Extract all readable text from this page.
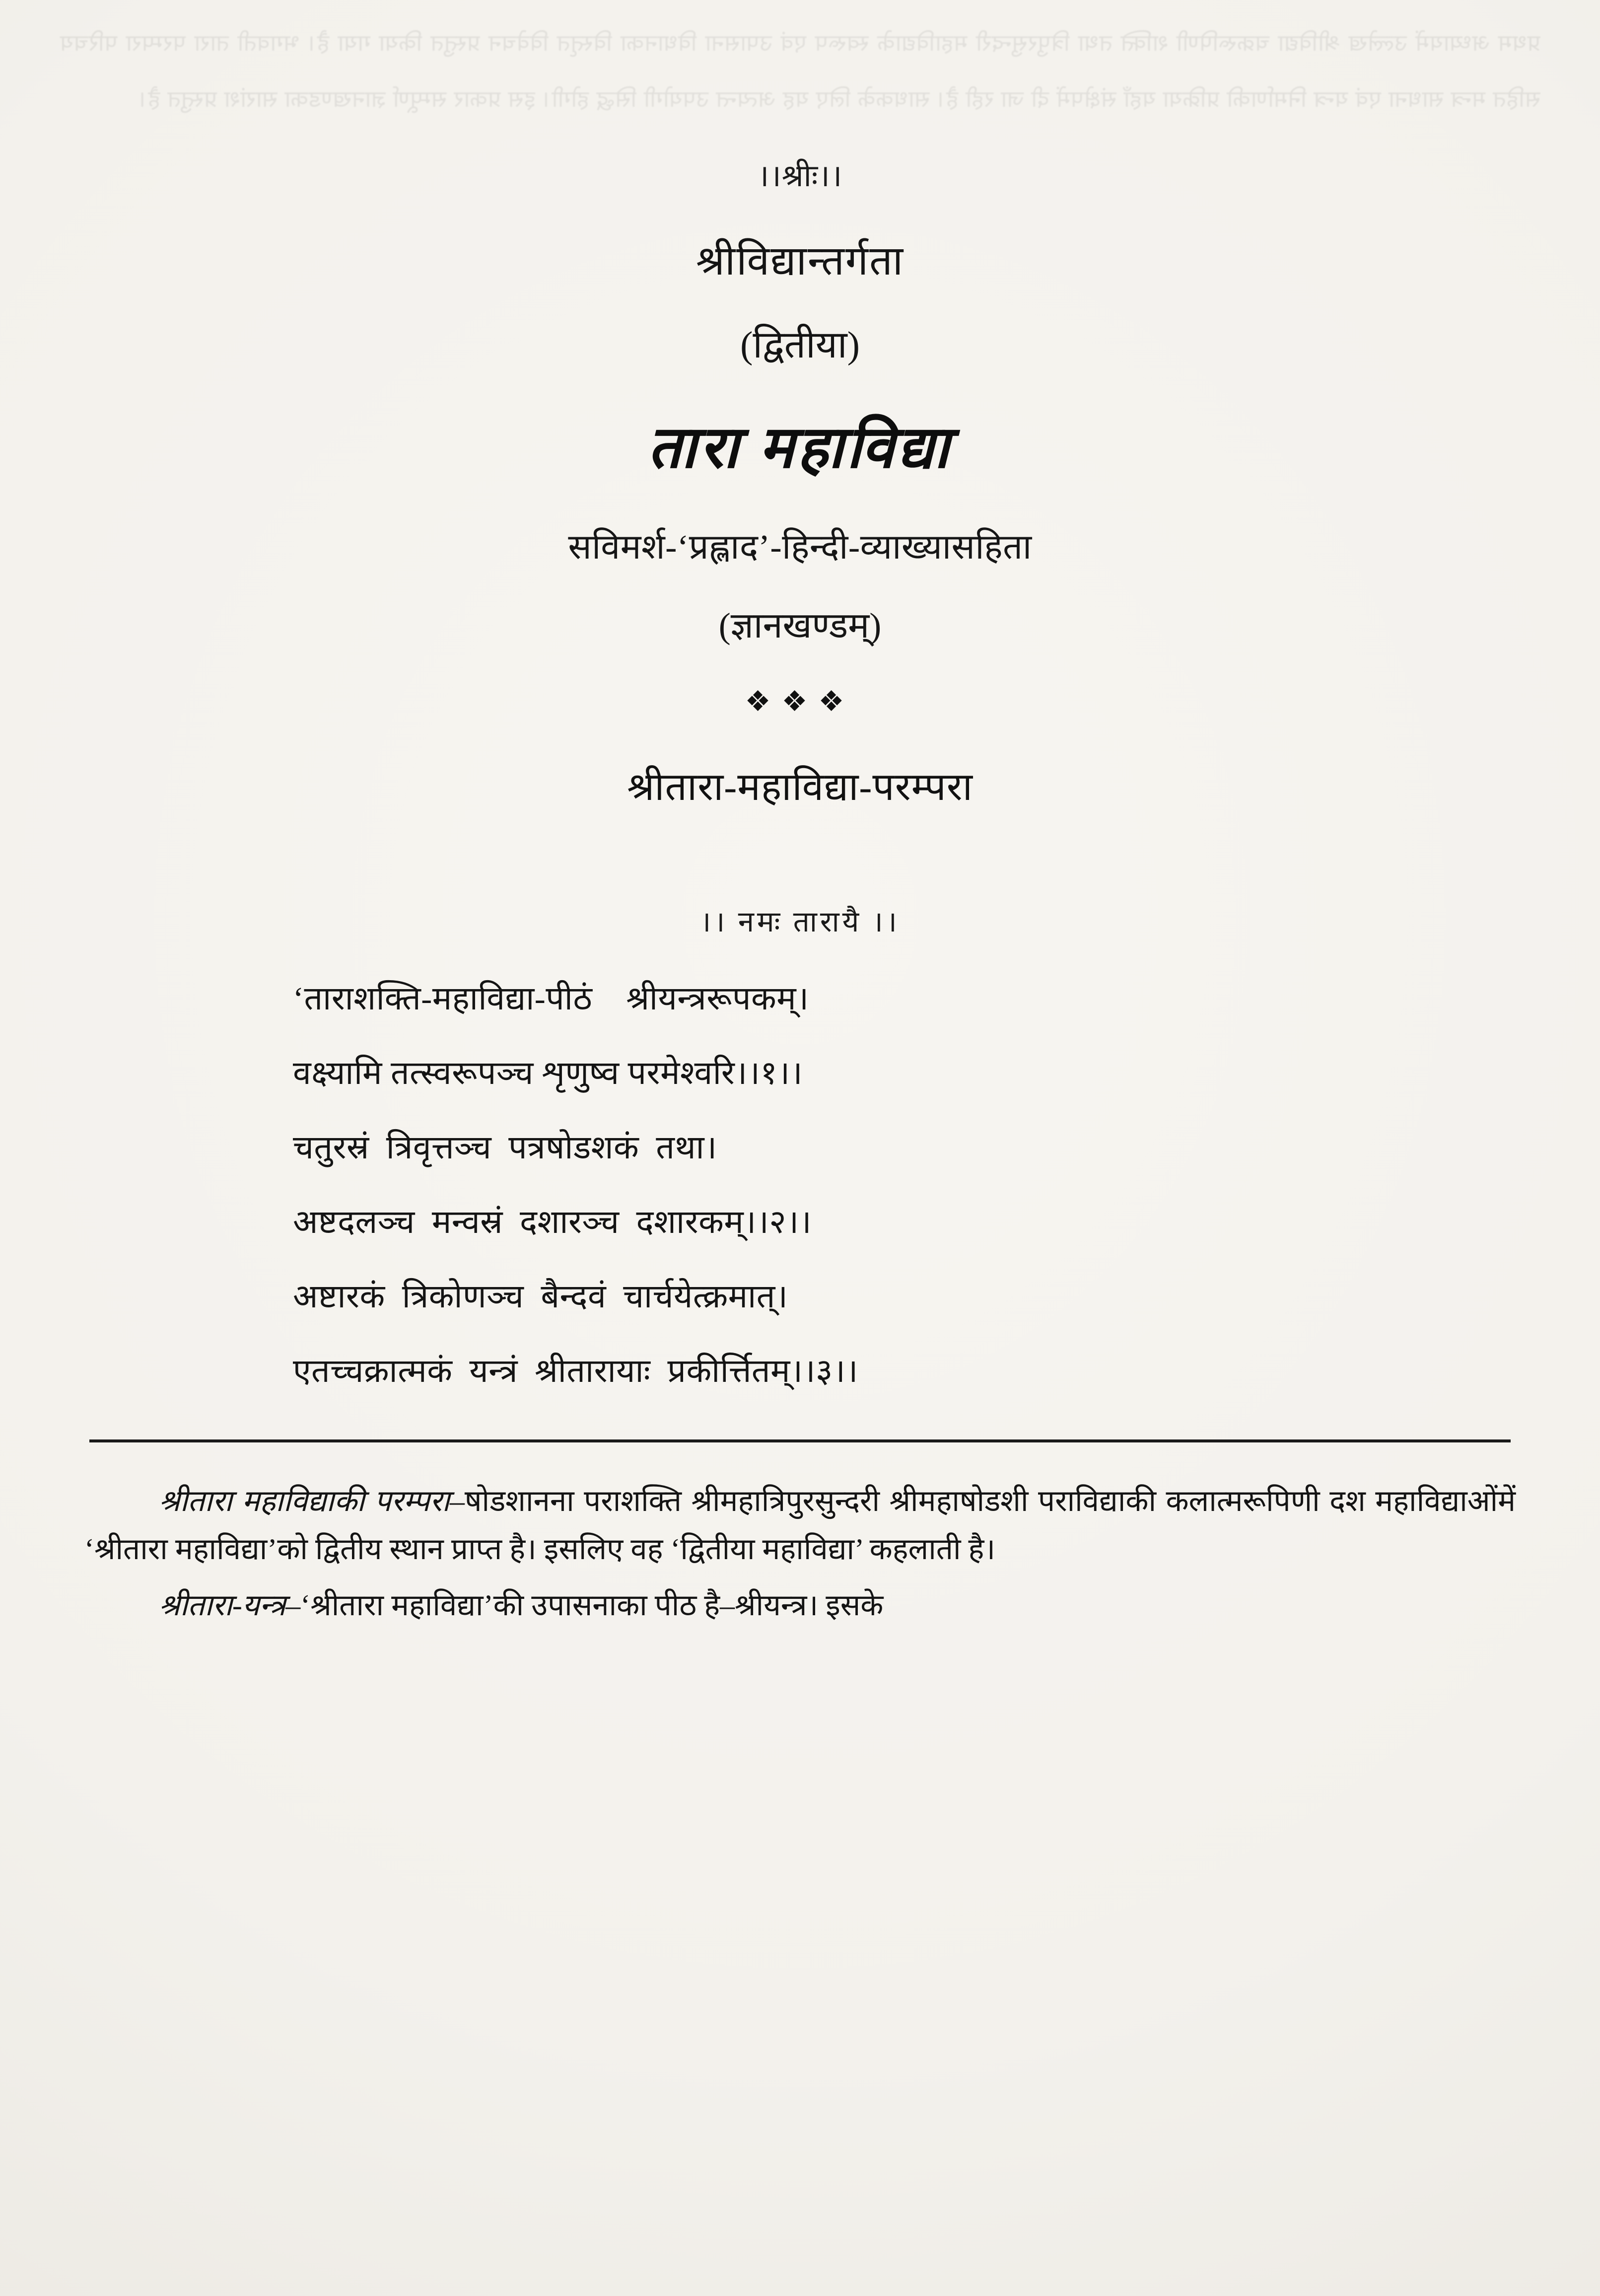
प्रथम अध्यायमें उल्लेख श्रीविद्या चक्ररूपिणी शक्ति तथा त्रिपुरसुन्दरी महाविद्याके स्वरूप एवं उपासना विधानका विस्तृत विवेचन प्रस्तुत किया गया है। भगवती तारा परम्परा परिचय सहित मन्त्र साधना एवं यन्त्र निर्माणकी प्रक्रिया यहाँ संक्षेपमें दी जा रही है। साधकके लिए यह अत्यन्त उपयोगी सिद्ध होगी। इस प्रकार सम्पूर्ण ज्ञानखण्डका सारांश प्रस्तुत है।
।।श्रीः।।
श्रीविद्यान्तर्गता
(द्वितीया)
तारा महाविद्या
सविमर्श-‘प्रह्लाद’-हिन्दी-व्याख्यासहिता
(ज्ञानखण्डम्)
❖❖❖
श्रीतारा-महाविद्या-परम्परा
।। नमः तारायै ।।
‘ताराशक्ति-महाविद्या-पीठं    श्रीयन्त्ररूपकम्।
वक्ष्यामि तत्स्वरूपञ्च शृणुष्व परमेश्वरि।।१।।
चतुरस्रं  त्रिवृत्तञ्च  पत्रषोडशकं  तथा।
अष्टदलञ्च  मन्वस्रं  दशारञ्च  दशारकम्।।२।।
अष्टारकं  त्रिकोणञ्च  बैन्दवं  चार्चयेत्क्रमात्।
एतच्चक्रात्मकं  यन्त्रं  श्रीतारायाः  प्रकीर्त्तितम्।।३।।

श्रीतारा महाविद्याकी परम्परा–षोडशानना पराशक्ति श्रीमहात्रिपुरसुन्दरी श्रीमहाषोडशी पराविद्याकी कलात्मरूपिणी दश महाविद्याओंमें ‘श्रीतारा महाविद्या’को द्वितीय स्थान प्राप्त है। इसलिए वह ‘द्वितीया महाविद्या’ कहलाती है।

श्रीतारा-यन्त्र–‘श्रीतारा महाविद्या’की उपासनाका पीठ है–श्रीयन्त्र। इसके
